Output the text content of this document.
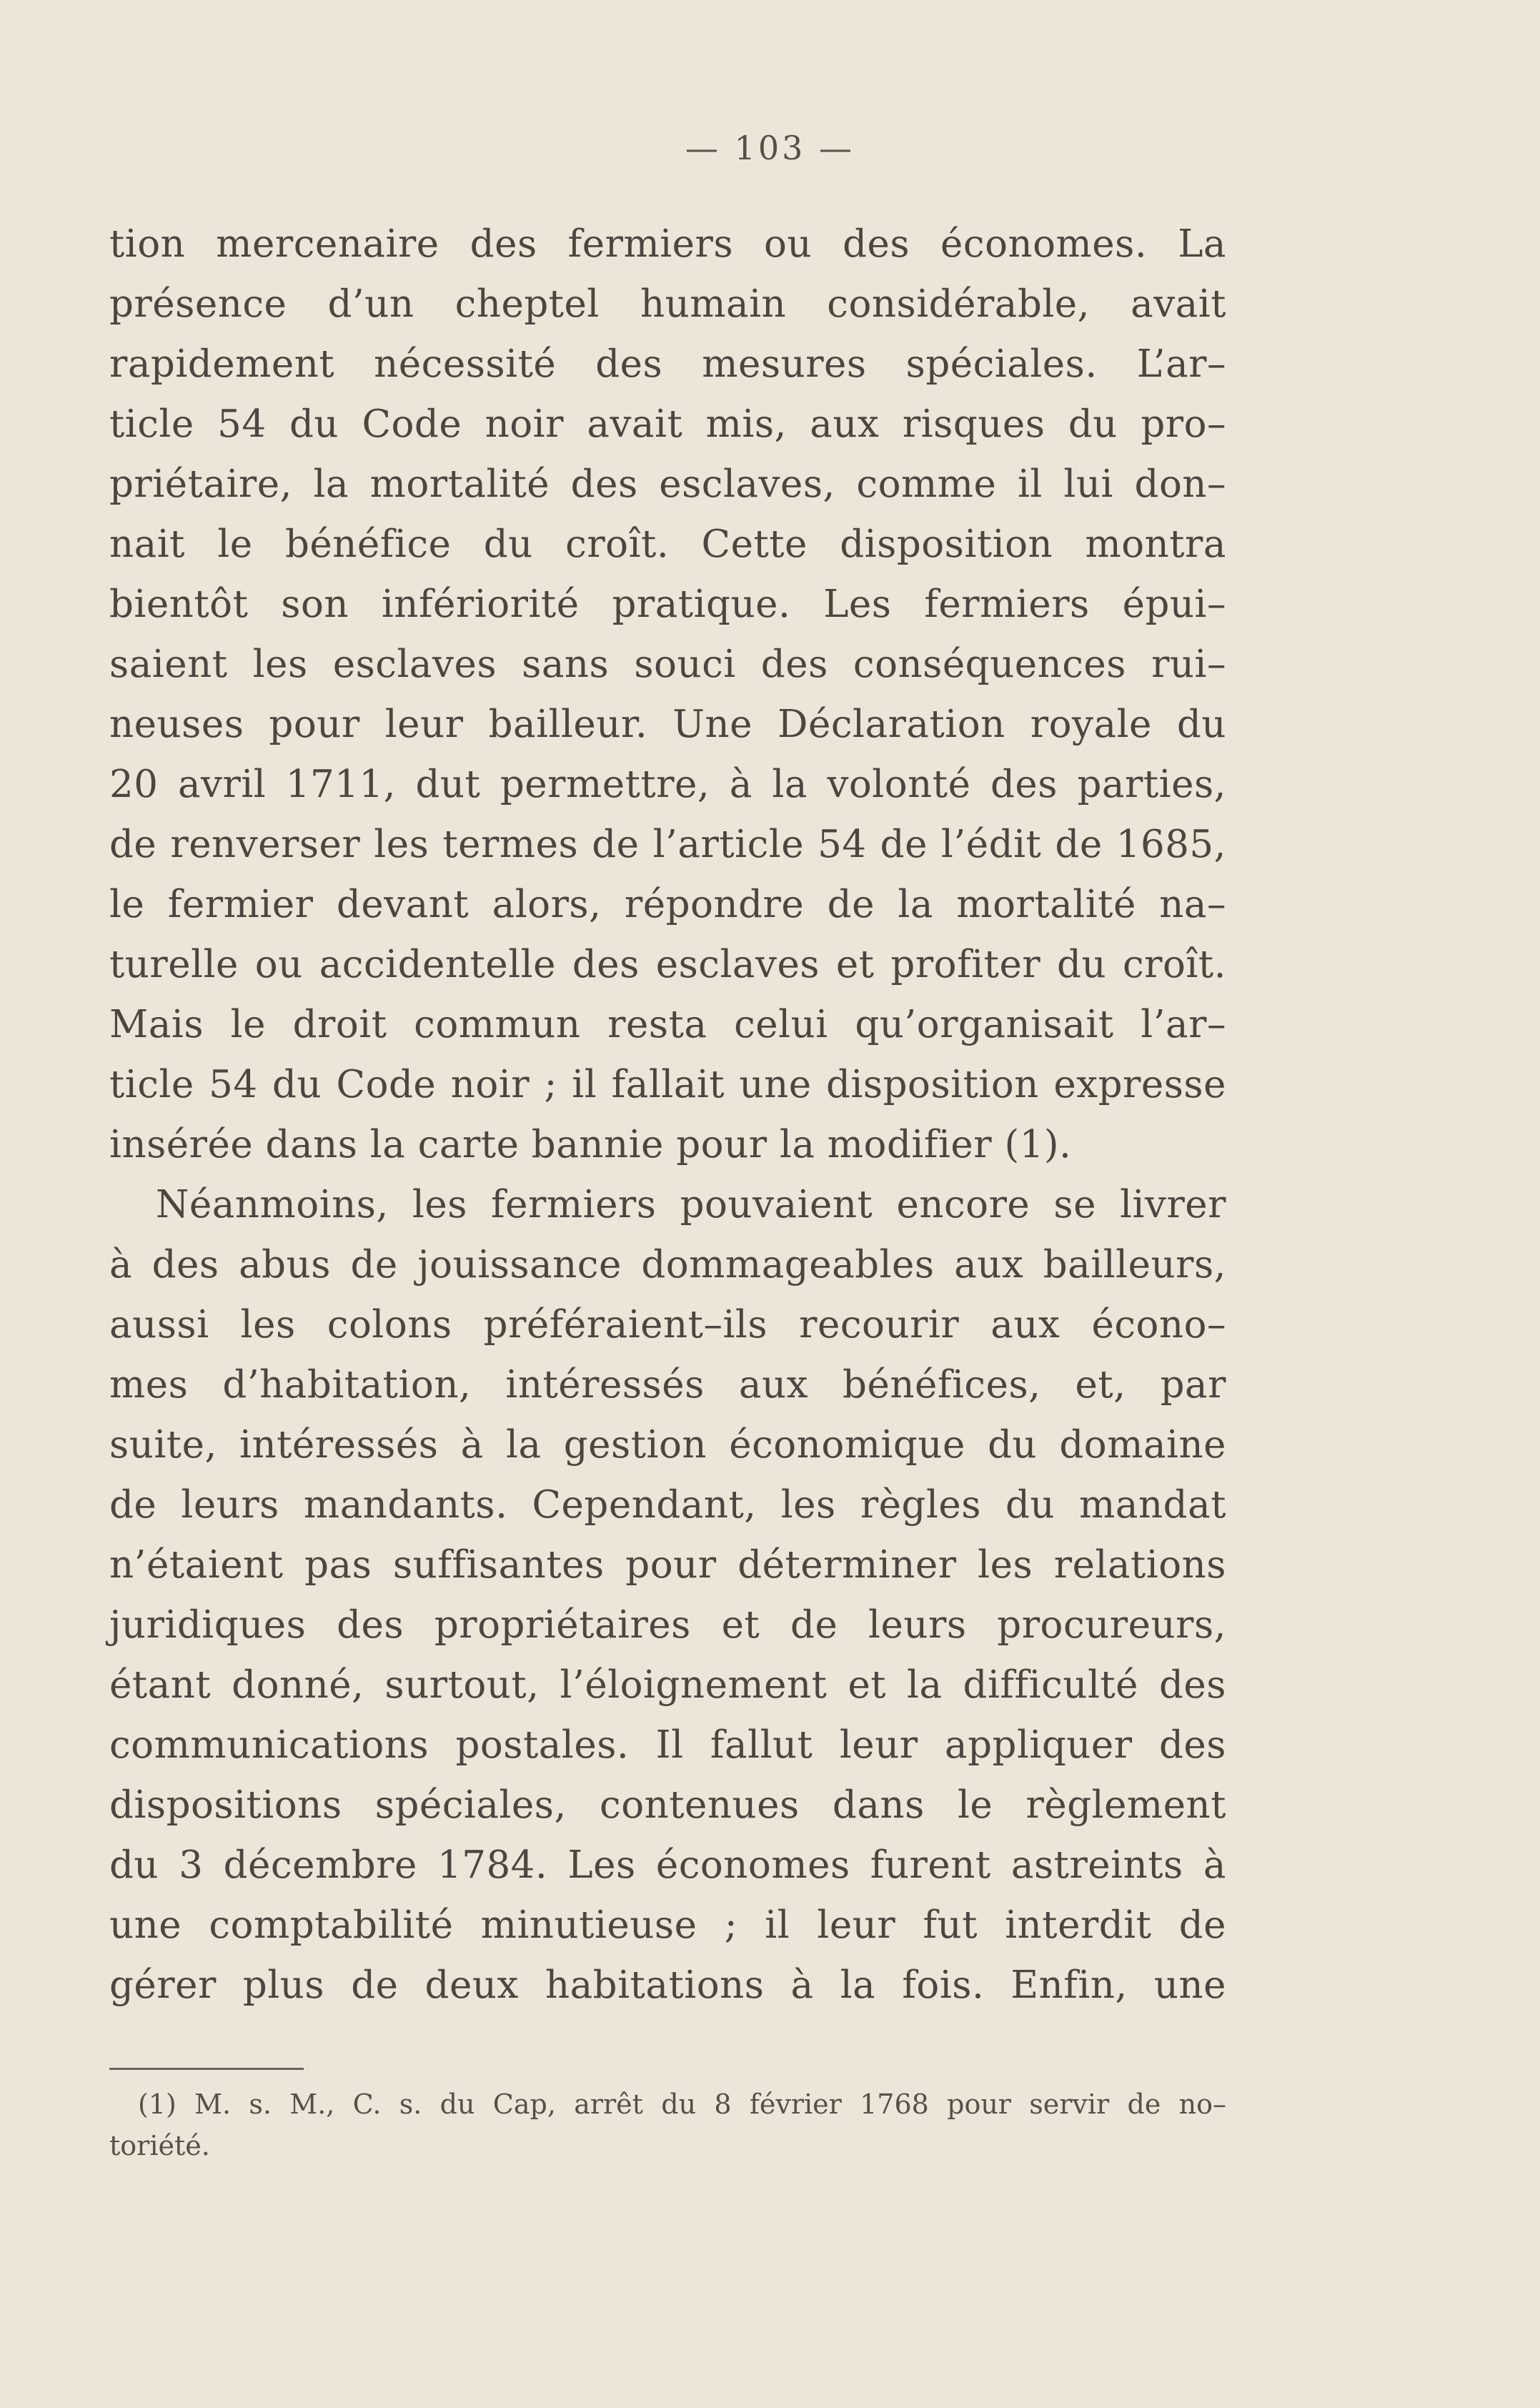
— 103 —
tion mercenaire des fermiers ou des économes. La
présence d’un cheptel humain considérable, avait
rapidement nécessité des mesures spéciales. L’ar–
ticle 54 du Code noir avait mis, aux risques du pro–
priétaire, la mortalité des esclaves, comme il lui don–
nait le bénéfice du croît. Cette disposition montra
bientôt son infériorité pratique. Les fermiers épui–
saient les esclaves sans souci des conséquences rui–
neuses pour leur bailleur. Une Déclaration royale du
20 avril 1711, dut permettre, à la volonté des parties,
de renverser les termes de l’article 54 de l’édit de 1685,
le fermier devant alors, répondre de la mortalité na–
turelle ou accidentelle des esclaves et profiter du croît.
Mais le droit commun resta celui qu’organisait l’ar–
ticle 54 du Code noir ; il fallait une disposition expresse
insérée dans la carte bannie pour la modifier (1).
Néanmoins, les fermiers pouvaient encore se livrer
à des abus de jouissance dommageables aux bailleurs,
aussi les colons préféraient–ils recourir aux écono–
mes d’habitation, intéressés aux bénéfices, et, par
suite, intéressés à la gestion économique du domaine
de leurs mandants. Cependant, les règles du mandat
n’étaient pas suffisantes pour déterminer les relations
juridiques des propriétaires et de leurs procureurs,
étant donné, surtout, l’éloignement et la difficulté des
communications postales. Il fallut leur appliquer des
dispositions spéciales, contenues dans le règlement
du 3 décembre 1784. Les économes furent astreints à
une comptabilité minutieuse ; il leur fut interdit de
gérer plus de deux habitations à la fois. Enfin, une
(1) M. s. M., C. s. du Cap, arrêt du 8 février 1768 pour servir de no–
toriété.
